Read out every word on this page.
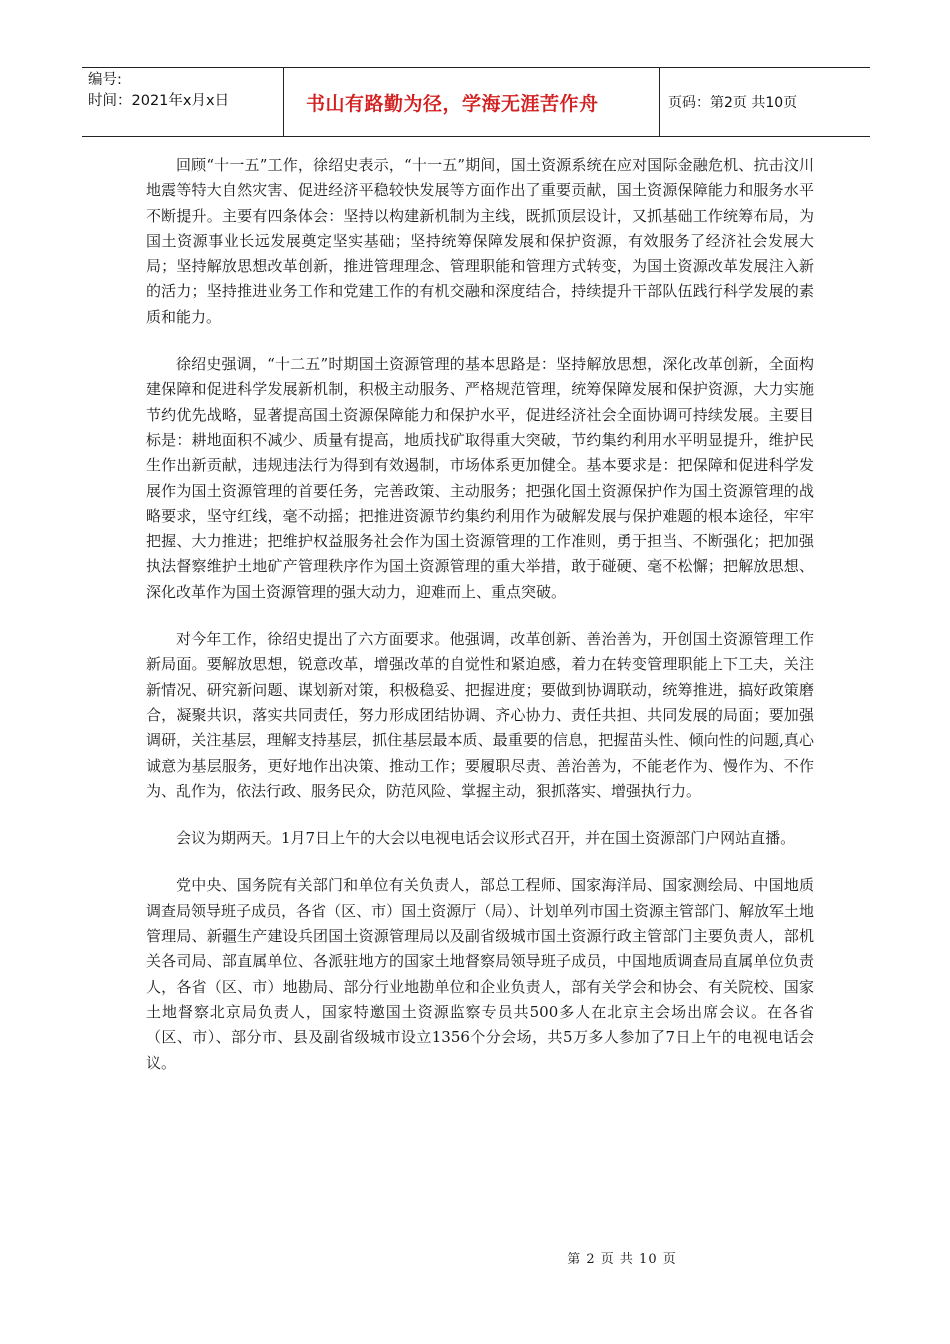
编号:
时间：2021年x月x日	书山有路勤为径，学海无涯苦作舟	页码：第2页 共10页

回顾“十一五”工作，徐绍史表示，“十一五”期间，国土资源系统在应对国际金融危机、抗击汶川地震等特大自然灾害、促进经济平稳较快发展等方面作出了重要贡献，国土资源保障能力和服务水平不断提升。主要有四条体会：坚持以构建新机制为主线，既抓顶层设计，又抓基础工作统筹布局，为国土资源事业长远发展奠定坚实基础；坚持统筹保障发展和保护资源，有效服务了经济社会发展大局；坚持解放思想改革创新，推进管理理念、管理职能和管理方式转变，为国土资源改革发展注入新的活力；坚持推进业务工作和党建工作的有机交融和深度结合，持续提升干部队伍践行科学发展的素质和能力。

徐绍史强调，“十二五”时期国土资源管理的基本思路是：坚持解放思想，深化改革创新，全面构建保障和促进科学发展新机制，积极主动服务、严格规范管理，统筹保障发展和保护资源，大力实施节约优先战略，显著提高国土资源保障能力和保护水平，促进经济社会全面协调可持续发展。主要目标是：耕地面积不减少、质量有提高，地质找矿取得重大突破，节约集约利用水平明显提升，维护民生作出新贡献，违规违法行为得到有效遏制，市场体系更加健全。基本要求是：把保障和促进科学发展作为国土资源管理的首要任务，完善政策、主动服务；把强化国土资源保护作为国土资源管理的战略要求，坚守红线，毫不动摇；把推进资源节约集约利用作为破解发展与保护难题的根本途径，牢牢把握、大力推进；把维护权益服务社会作为国土资源管理的工作准则，勇于担当、不断强化；把加强执法督察维护土地矿产管理秩序作为国土资源管理的重大举措，敢于碰硬、毫不松懈；把解放思想、深化改革作为国土资源管理的强大动力，迎难而上、重点突破。

对今年工作，徐绍史提出了六方面要求。他强调，改革创新、善治善为，开创国土资源管理工作新局面。要解放思想，锐意改革，增强改革的自觉性和紧迫感，着力在转变管理职能上下工夫，关注新情况、研究新问题、谋划新对策，积极稳妥、把握进度；要做到协调联动，统筹推进，搞好政策磨合，凝聚共识，落实共同责任，努力形成团结协调、齐心协力、责任共担、共同发展的局面；要加强调研，关注基层，理解支持基层，抓住基层最本质、最重要的信息，把握苗头性、倾向性的问题,真心诚意为基层服务，更好地作出决策、推动工作；要履职尽责、善治善为，不能老作为、慢作为、不作为、乱作为，依法行政、服务民众，防范风险、掌握主动，狠抓落实、增强执行力。

会议为期两天。1月7日上午的大会以电视电话会议形式召开，并在国土资源部门户网站直播。

党中央、国务院有关部门和单位有关负责人，部总工程师、国家海洋局、国家测绘局、中国地质调查局领导班子成员，各省（区、市）国土资源厅（局）、计划单列市国土资源主管部门、解放军土地管理局、新疆生产建设兵团国土资源管理局以及副省级城市国土资源行政主管部门主要负责人，部机关各司局、部直属单位、各派驻地方的国家土地督察局领导班子成员，中国地质调查局直属单位负责人，各省（区、市）地勘局、部分行业地勘单位和企业负责人，部有关学会和协会、有关院校、国家土地督察北京局负责人，国家特邀国土资源监察专员共500多人在北京主会场出席会议。在各省（区、市）、部分市、县及副省级城市设立1356个分会场，共5万多人参加了7日上午的电视电话会议。

第 2 页 共 10 页
